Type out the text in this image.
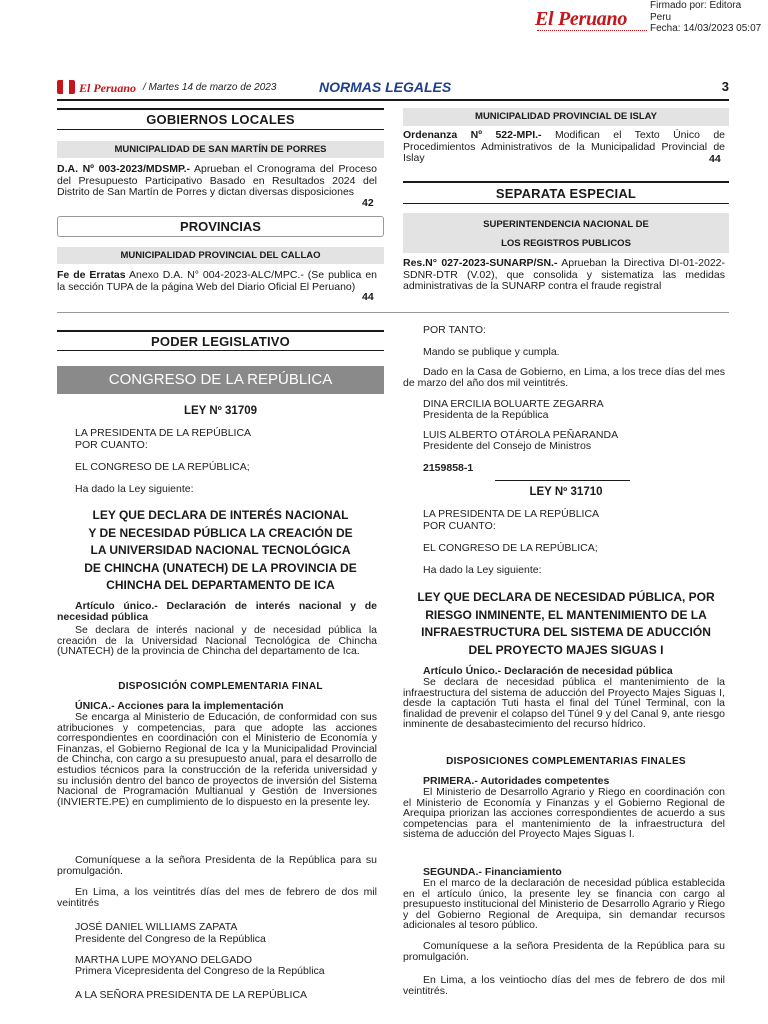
El Peruano
Firmado por: Editora
Peru
Fecha: 14/03/2023 05:07
El Peruano / Martes 14 de marzo de 2023	NORMAS LEGALES	3
GOBIERNOS LOCALES
MUNICIPALIDAD DE SAN MARTÍN DE PORRES
D.A. Nº 003-2023/MDSMP.- Aprueban el Cronograma del Proceso del Presupuesto Participativo Basado en Resultados 2024 del Distrito de San Martín de Porres y dictan diversas disposiciones
42
PROVINCIAS
MUNICIPALIDAD PROVINCIAL DEL CALLAO
Fe de Erratas Anexo D.A. N° 004-2023-ALC/MPC.- (Se publica en la sección TUPA de la página Web del Diario Oficial El Peruano)
44
MUNICIPALIDAD PROVINCIAL DE ISLAY
Ordenanza Nº 522-MPI.- Modifican el Texto Único de Procedimientos Administrativos de la Municipalidad Provincial de Islay	44
SEPARATA ESPECIAL
SUPERINTENDENCIA NACIONAL DE
LOS REGISTROS PUBLICOS
Res.N° 027-2023-SUNARP/SN.- Aprueban la Directiva DI-01-2022-SDNR-DTR (V.02), que consolida y sistematiza las medidas administrativas de la SUNARP contra el fraude registral
PODER LEGISLATIVO
CONGRESO DE LA REPÚBLICA
LEY Nº 31709
LA PRESIDENTA DE LA REPÚBLICA
POR CUANTO:
EL CONGRESO DE LA REPÚBLICA;
Ha dado la Ley siguiente:
LEY QUE DECLARA DE INTERÉS NACIONAL
Y DE NECESIDAD PÚBLICA LA CREACIÓN DE
LA UNIVERSIDAD NACIONAL TECNOLÓGICA
DE CHINCHA (UNATECH) DE LA PROVINCIA DE
CHINCHA DEL DEPARTAMENTO DE ICA
Artículo único.- Declaración de interés nacional y de necesidad pública
Se declara de interés nacional y de necesidad pública la creación de la Universidad Nacional Tecnológica de Chincha (UNATECH) de la provincia de Chincha del departamento de Ica.
DISPOSICIÓN COMPLEMENTARIA FINAL
ÚNICA.- Acciones para la implementación
Se encarga al Ministerio de Educación, de conformidad con sus atribuciones y competencias, para que adopte las acciones correspondientes en coordinación con el Ministerio de Economía y Finanzas, el Gobierno Regional de Ica y la Municipalidad Provincial de Chincha, con cargo a su presupuesto anual, para el desarrollo de estudios técnicos para la construcción de la referida universidad y su inclusión dentro del banco de proyectos de inversión del Sistema Nacional de Programación Multianual y Gestión de Inversiones (INVIERTE.PE) en cumplimiento de lo dispuesto en la presente ley.
Comuníquese a la señora Presidenta de la República para su promulgación.
En Lima, a los veintitrés días del mes de febrero de dos mil veintitrés
JOSÉ DANIEL WILLIAMS ZAPATA
Presidente del Congreso de la República
MARTHA LUPE MOYANO DELGADO
Primera Vicepresidenta del Congreso de la República
A LA SEÑORA PRESIDENTA DE LA REPÚBLICA
POR TANTO:
Mando se publique y cumpla.
Dado en la Casa de Gobierno, en Lima, a los trece días del mes de marzo del año dos mil veintitrés.
DINA ERCILIA BOLUARTE ZEGARRA
Presidenta de la República
LUIS ALBERTO OTÁROLA PEÑARANDA
Presidente del Consejo de Ministros
2159858-1
LEY Nº 31710
LA PRESIDENTA DE LA REPÚBLICA
POR CUANTO:
EL CONGRESO DE LA REPÚBLICA;
Ha dado la Ley siguiente:
LEY QUE DECLARA DE NECESIDAD PÚBLICA, POR
RIESGO INMINENTE, EL MANTENIMIENTO DE LA
INFRAESTRUCTURA DEL SISTEMA DE ADUCCIÓN
DEL PROYECTO MAJES SIGUAS I
Artículo Único.- Declaración de necesidad pública
Se declara de necesidad pública el mantenimiento de la infraestructura del sistema de aducción del Proyecto Majes Siguas I, desde la captación Tuti hasta el final del Túnel Terminal, con la finalidad de prevenir el colapso del Túnel 9 y del Canal 9, ante riesgo inminente de desabastecimiento del recurso hídrico.
DISPOSICIONES COMPLEMENTARIAS FINALES
PRIMERA.- Autoridades competentes
El Ministerio de Desarrollo Agrario y Riego en coordinación con el Ministerio de Economía y Finanzas y el Gobierno Regional de Arequipa priorizan las acciones correspondientes de acuerdo a sus competencias para el mantenimiento de la infraestructura del sistema de aducción del Proyecto Majes Siguas I.
SEGUNDA.- Financiamiento
En el marco de la declaración de necesidad pública establecida en el artículo único, la presente ley se financia con cargo al presupuesto institucional del Ministerio de Desarrollo Agrario y Riego y del Gobierno Regional de Arequipa, sin demandar recursos adicionales al tesoro público.
Comuníquese a la señora Presidenta de la República para su promulgación.
En Lima, a los veintiocho días del mes de febrero de dos mil veintitrés.
